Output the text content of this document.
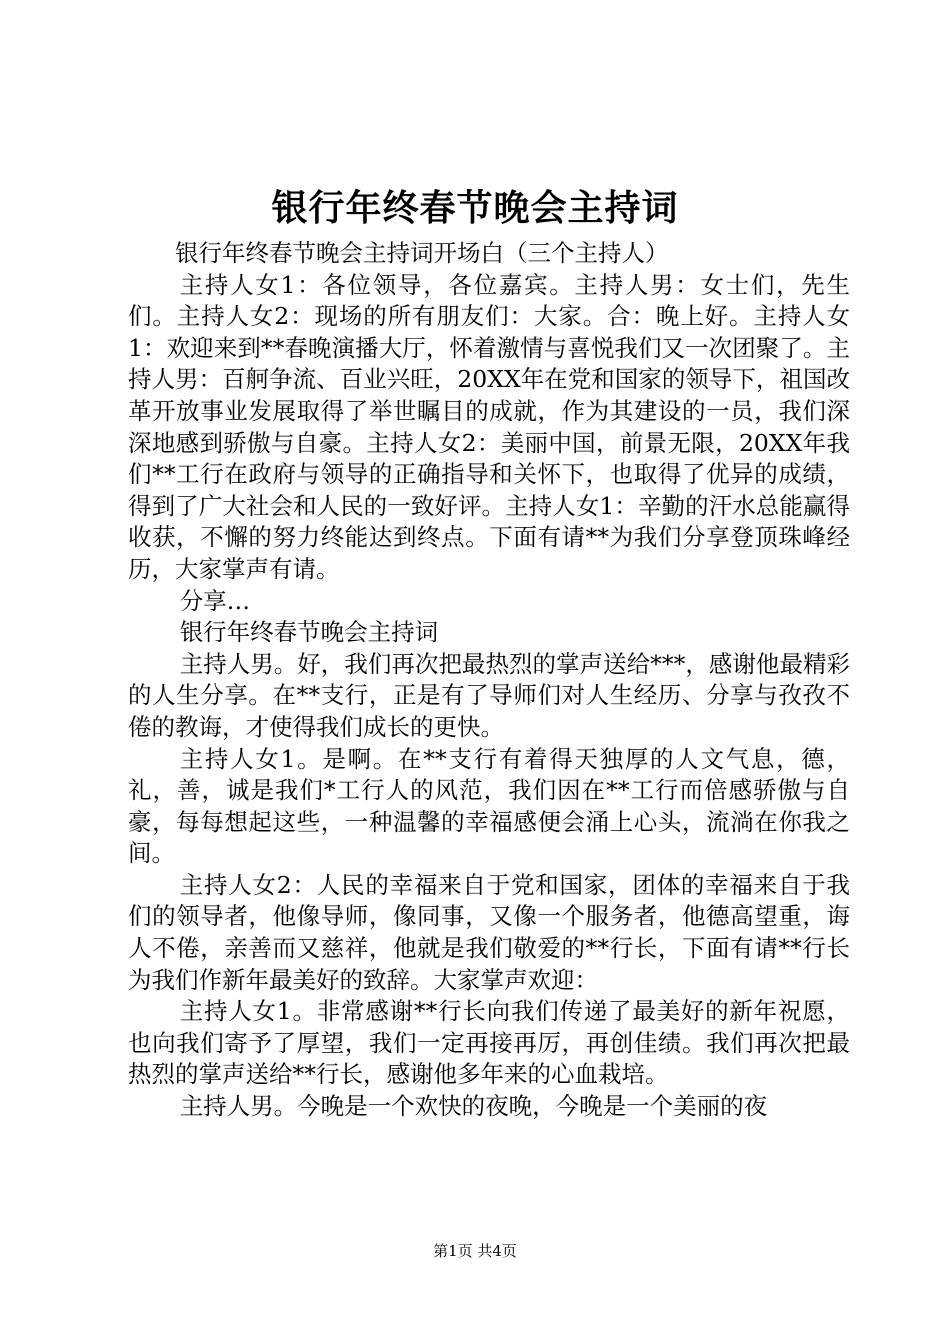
银行年终春节晚会主持词

银行年终春节晚会主持词开场白（三个主持人）

主持人女1：各位领导，各位嘉宾。主持人男：女士们，先生们。主持人女2：现场的所有朋友们：大家。合：晚上好。主持人女1：欢迎来到**春晚演播大厅，怀着激情与喜悦我们又一次团聚了。主持人男：百舸争流、百业兴旺，20XX年在党和国家的领导下，祖国改革开放事业发展取得了举世瞩目的成就，作为其建设的一员，我们深深地感到骄傲与自豪。主持人女2：美丽中国，前景无限，20XX年我们**工行在政府与领导的正确指导和关怀下，也取得了优异的成绩，得到了广大社会和人民的一致好评。主持人女1：辛勤的汗水总能赢得收获，不懈的努力终能达到终点。下面有请**为我们分享登顶珠峰经历，大家掌声有请。

分享…

银行年终春节晚会主持词

主持人男。好，我们再次把最热烈的掌声送给***，感谢他最精彩的人生分享。在**支行，正是有了导师们对人生经历、分享与孜孜不倦的教诲，才使得我们成长的更快。

主持人女1。是啊。在**支行有着得天独厚的人文气息，德，礼，善，诚是我们*工行人的风范，我们因在**工行而倍感骄傲与自豪，每每想起这些，一种温馨的幸福感便会涌上心头，流淌在你我之间。

主持人女2：人民的幸福来自于党和国家，团体的幸福来自于我们的领导者，他像导师，像同事，又像一个服务者，他德高望重，诲人不倦，亲善而又慈祥，他就是我们敬爱的**行长，下面有请**行长为我们作新年最美好的致辞。大家掌声欢迎：

主持人女1。非常感谢**行长向我们传递了最美好的新年祝愿，也向我们寄予了厚望，我们一定再接再厉，再创佳绩。我们再次把最热烈的掌声送给**行长，感谢他多年来的心血栽培。

主持人男。今晚是一个欢快的夜晚，今晚是一个美丽的夜

第1页 共4页
